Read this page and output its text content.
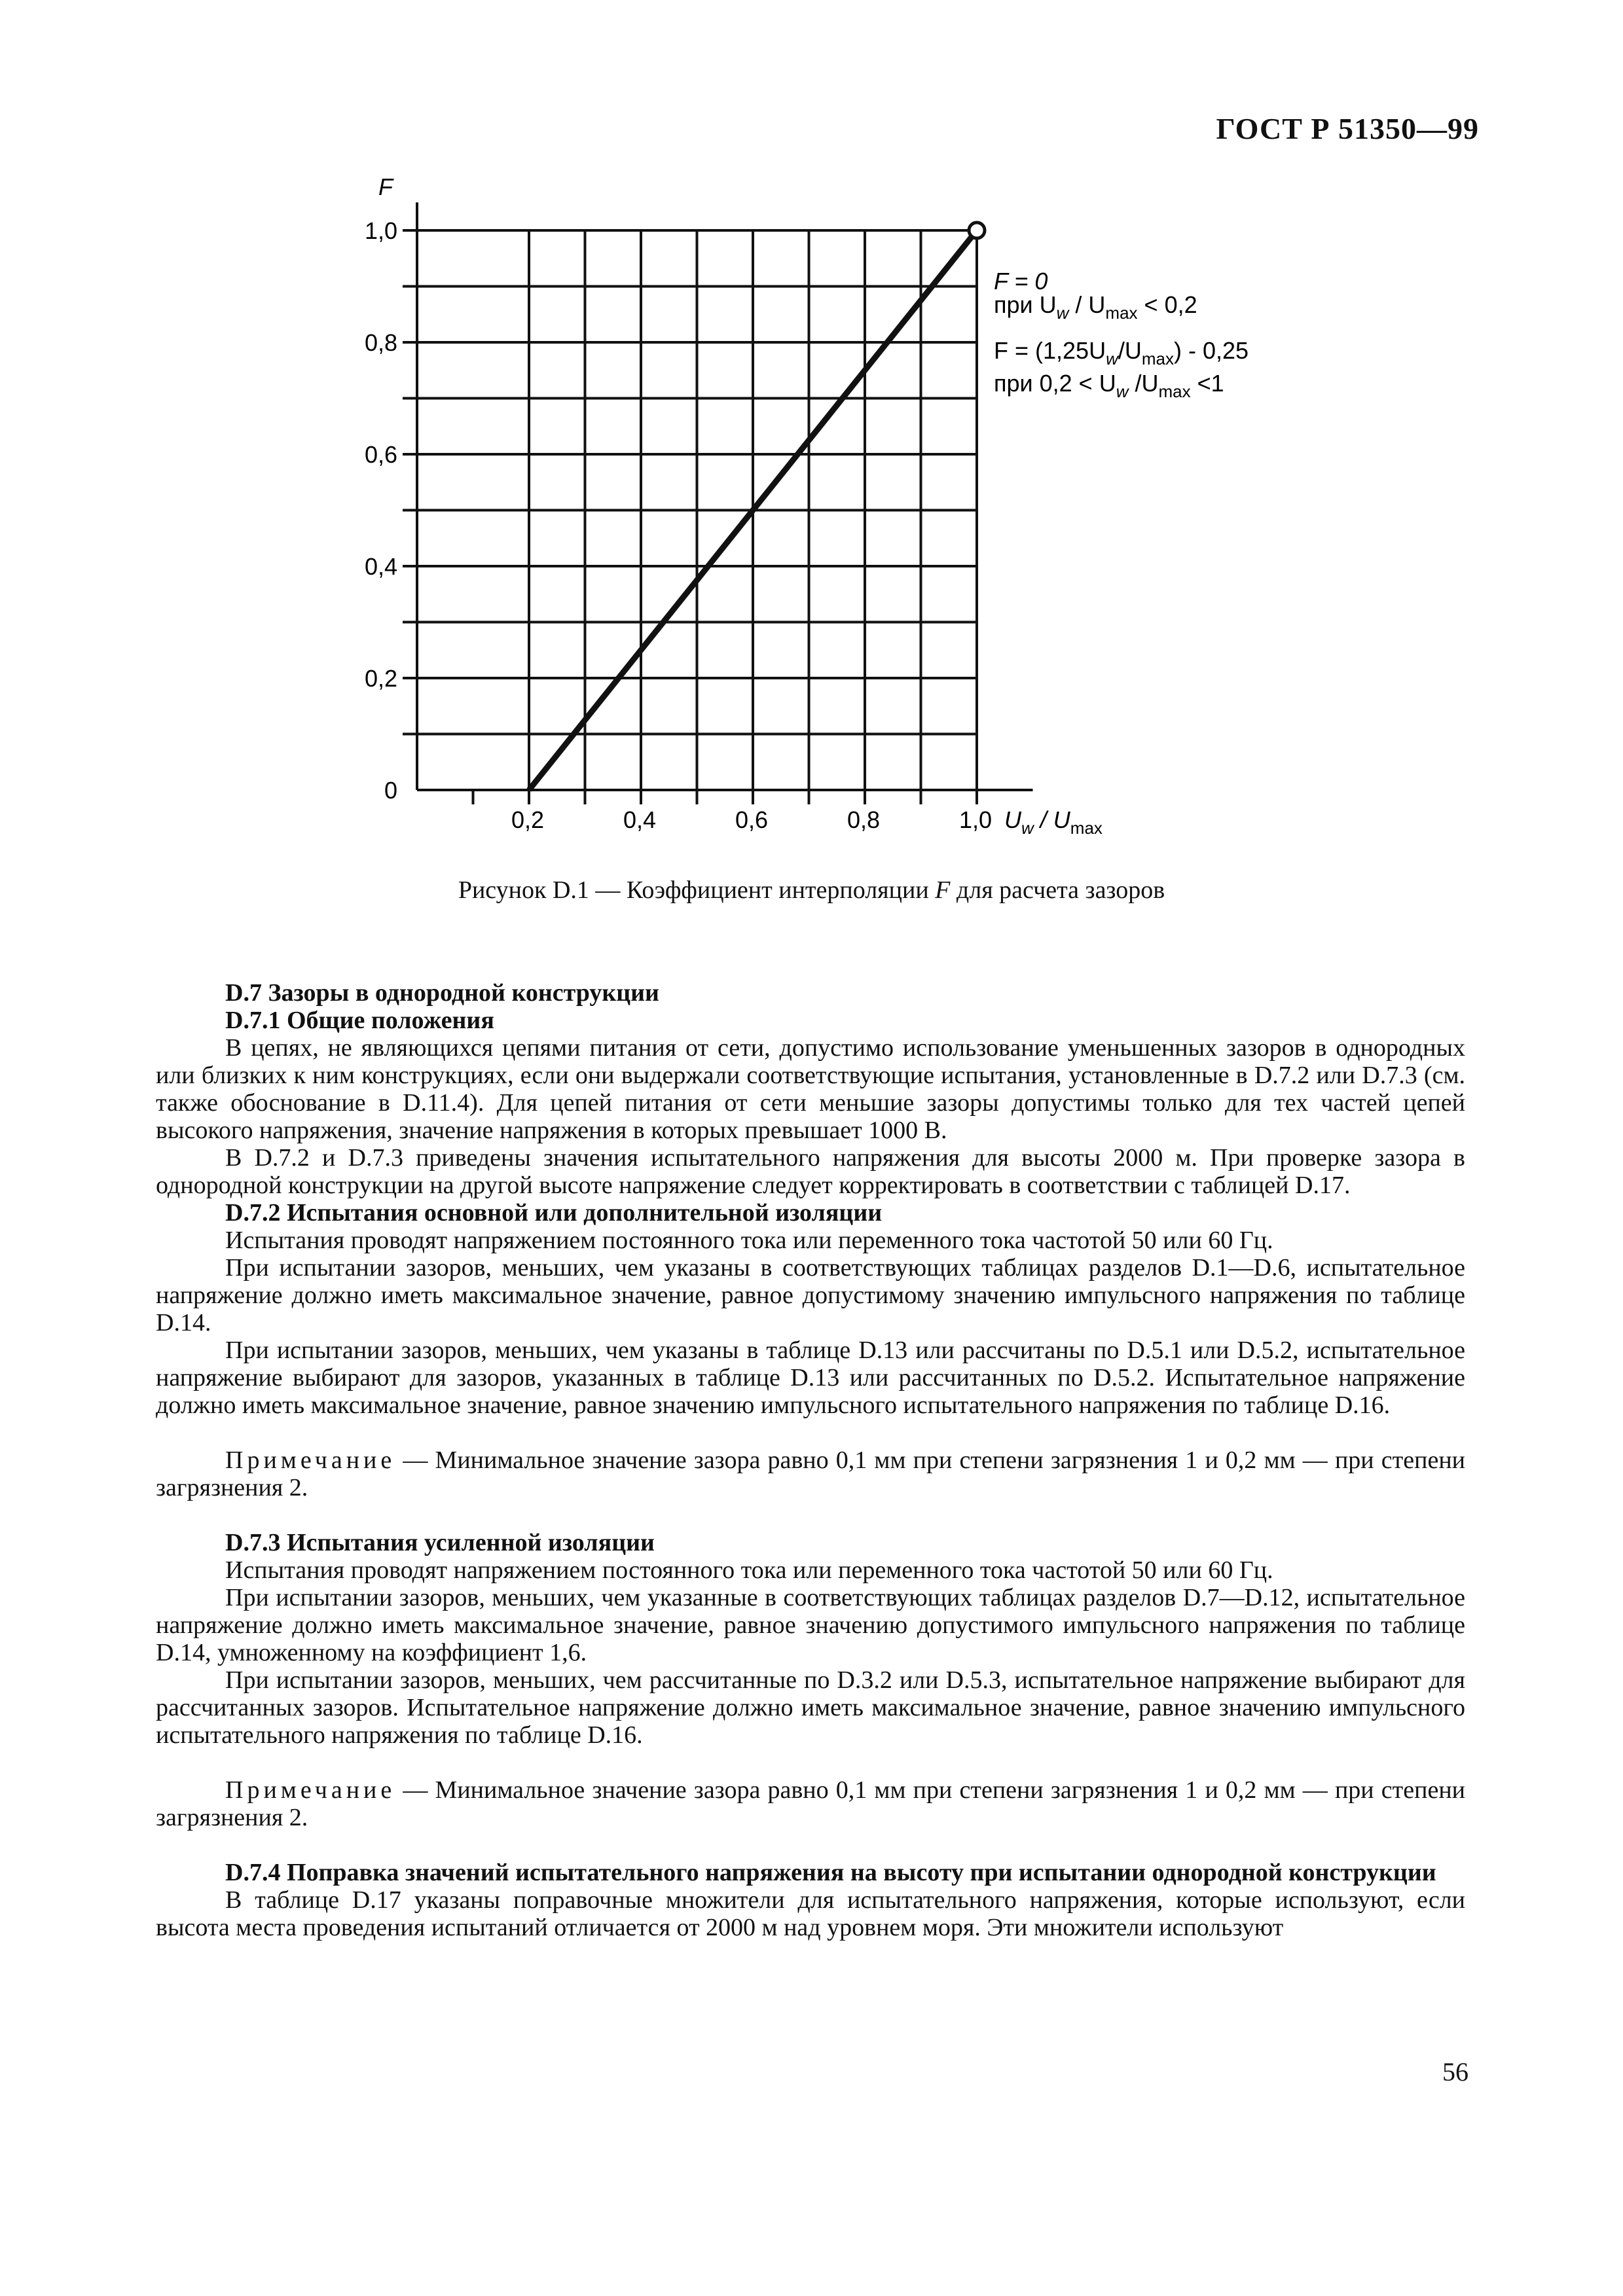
ГОСТ Р 51350—99
0,2	0,4	0,6	0,8	1,0
0
0,2
0,4
0,6
0,8
1,0
F
$U_w / U_{max}$
F = 0
при $U_w / U_{max} < 0,2$
$F = (1,25U_w/U_{max}) - 0,25$
при $0,2 < U_w$ $/U_{max} <1$
Рисунок D.1 — Коэффициент интерполяции F для расчета зазоров
D.7 Зазоры в однородной конструкции
D.7.1 Общие положения

В цепях, не являющихся цепями питания от сети, допустимо использование уменьшенных зазоров в однородных или близких к ним конструкциях, если они выдержали соответствующие испытания, установленные в D.7.2 или D.7.3 (см. также обоснование в D.11.4). Для цепей питания от сети меньшие зазоры допустимы только для тех частей цепей высокого напряжения, значение напряжения в которых превышает 1000 В.

В D.7.2 и D.7.3 приведены значения испытательного напряжения для высоты 2000 м. При проверке зазора в однородной конструкции на другой высоте напряжение следует корректировать в соответствии с таблицей D.17.

D.7.2 Испытания основной или дополнительной изоляции

Испытания проводят напряжением постоянного тока или переменного тока частотой 50 или 60 Гц.

При испытании зазоров, меньших, чем указаны в соответствующих таблицах разделов D.1—D.6, испытательное напряжение должно иметь максимальное значение, равное допустимому значению импульсного напряжения по таблице D.14.

При испытании зазоров, меньших, чем указаны в таблице D.13 или рассчитаны по D.5.1 или D.5.2, испытательное напряжение выбирают для зазоров, указанных в таблице D.13 или рассчитанных по D.5.2. Испытательное напряжение должно иметь максимальное значение, равное значению импульсного испытательного напряжения по таблице D.16.

Примечание — Минимальное значение зазора равно 0,1 мм при степени загрязнения 1 и 0,2 мм — при степени загрязнения 2.

D.7.3 Испытания усиленной изоляции

Испытания проводят напряжением постоянного тока или переменного тока частотой 50 или 60 Гц.

При испытании зазоров, меньших, чем указанные в соответствующих таблицах разделов D.7—D.12, испытательное напряжение должно иметь максимальное значение, равное значению допустимого импульсного напряжения по таблице D.14, умноженному на коэффициент 1,6.

При испытании зазоров, меньших, чем рассчитанные по D.3.2 или D.5.3, испытательное напряжение выбирают для рассчитанных зазоров. Испытательное напряжение должно иметь максимальное значение, равное значению импульсного испытательного напряжения по таблице D.16.

Примечание — Минимальное значение зазора равно 0,1 мм при степени загрязнения 1 и 0,2 мм — при степени загрязнения 2.

D.7.4 Поправка значений испытательного напряжения на высоту при испытании однородной конструкции

В таблице D.17 указаны поправочные множители для испытательного напряжения, которые используют, если высота места проведения испытаний отличается от 2000 м над уровнем моря. Эти множители используют

56
